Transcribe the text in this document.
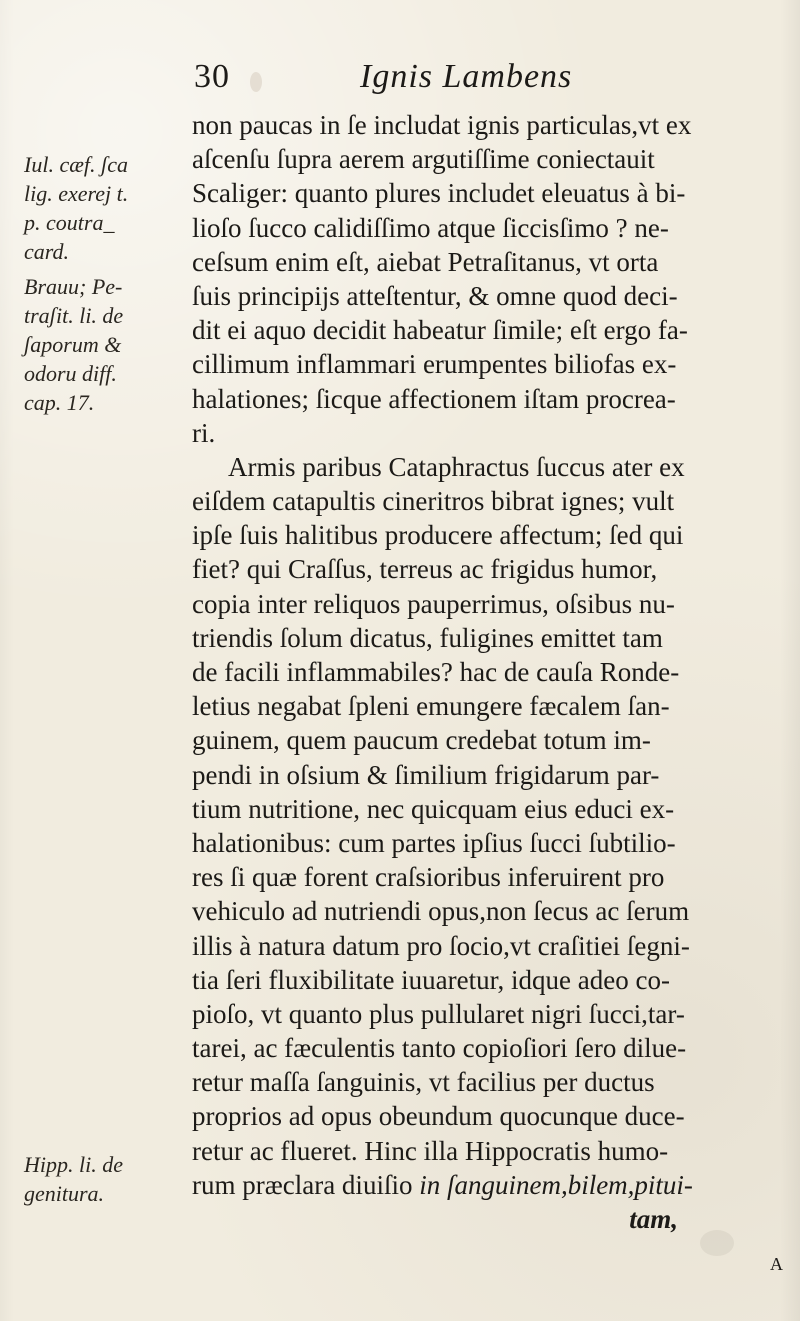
30	Ignis Lambens
Iul. cæf. ʃca
lig. exerej t.
p. coutra_
card.
Brauu; Pe-
traʃit. li. de
ʃaporum &
odoru diff.
cap. 17.
Hipp. li. de
genitura.
non paucas in ſe includat ignis particulas,vt ex
aſcenſu ſupra aerem argutiſſime coniectauit
Scaliger: quanto plures includet eleuatus à bi-
lioſo ſucco calidiſſimo atque ſiccisſimo ? ne-
ceſsum enim eſt, aiebat Petraſitanus, vt orta
ſuis principijs atteſtentur, & omne quod deci-
dit ei aquo decidit habeatur ſimile; eſt ergo fa-
cillimum inflammari erumpentes biliofas ex-
halationes; ſicque affectionem iſtam procrea-
ri.
Armis paribus Cataphractus ſuccus ater ex
eiſdem catapultis cineritros bibrat ignes; vult
ipſe ſuis halitibus producere affectum; ſed qui
fiet? qui Craſſus, terreus ac frigidus humor,
copia inter reliquos pauperrimus, oſsibus nu-
triendis ſolum dicatus, fuligines emittet tam
de facili inflammabiles? hac de cauſa Ronde-
letius negabat ſpleni emungere fæcalem ſan-
guinem, quem paucum credebat totum im-
pendi in oſsium & ſimilium frigidarum par-
tium nutritione, nec quicquam eius educi ex-
halationibus: cum partes ipſius ſucci ſubtilio-
res ſi quæ forent craſsioribus inferuirent pro
vehiculo ad nutriendi opus,non ſecus ac ſerum
illis à natura datum pro ſocio,vt craſitiei ſegni-
tia ſeri fluxibilitate iuuaretur, idque adeo co-
pioſo, vt quanto plus pullularet nigri ſucci,tar-
tarei, ac fæculentis tanto copioſiori ſero dilue-
retur maſſa ſanguinis, vt facilius per ductus
proprios ad opus obeundum quocunque duce-
retur ac flueret. Hinc illa Hippocratis humo-
rum præclara diuiſio in ſanguinem,bilem,pitui-
tam,
A
